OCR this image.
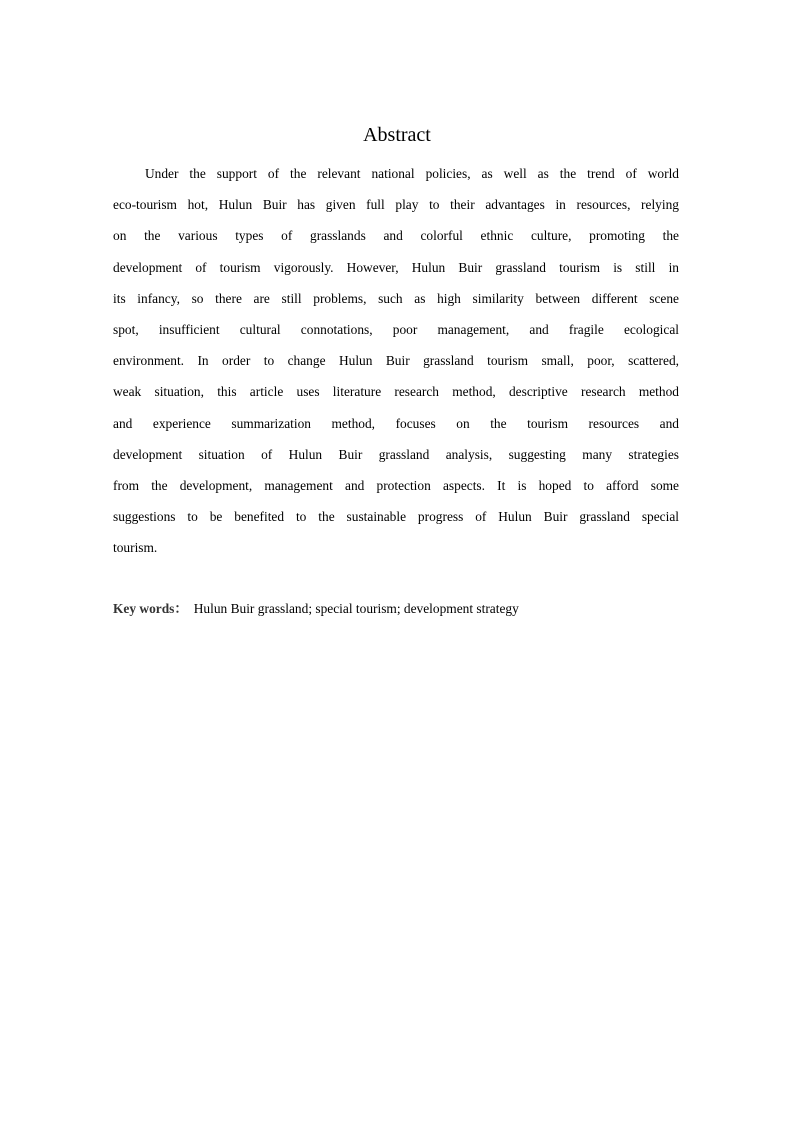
Abstract
Under the support of the relevant national policies, as well as the trend of world
eco-tourism hot, Hulun Buir has given full play to their advantages in resources, relying
on the various types of grasslands and colorful ethnic culture, promoting the
development of tourism vigorously. However, Hulun Buir grassland tourism is still in
its infancy, so there are still problems, such as high similarity between different scene
spot, insufficient cultural connotations, poor management, and fragile ecological
environment. In order to change Hulun Buir grassland tourism small, poor, scattered,
weak situation, this article uses literature research method, descriptive research method
and experience summarization method, focuses on the tourism resources and
development situation of Hulun Buir grassland analysis, suggesting many strategies
from the development, management and protection aspects. It is hoped to afford some
suggestions to be benefited to the sustainable progress of Hulun Buir grassland special
tourism.
Key words： Hulun Buir grassland; special tourism; development strategy
